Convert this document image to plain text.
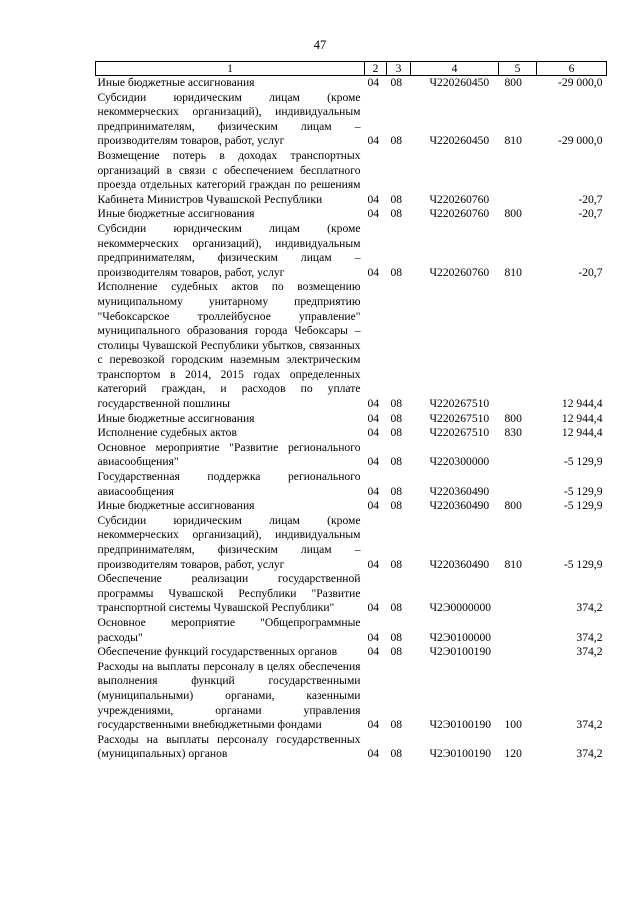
47
1	2	3	4	5	6
Иные бюджетные ассигнования	04	08	Ч220260450	800	-29 000,0
Субсидии юридическим лицам (кроме некоммерческих организаций), индивидуальным предпринимателям, физическим лицам – производителям товаров, работ, услуг	04	08	Ч220260450	810	-29 000,0
Возмещение потерь в доходах транспортных организаций в связи с обеспечением бесплатного проезда отдельных категорий граждан по решениям Кабинета Министров Чувашской Республики	04	08	Ч220260760		-20,7
Иные бюджетные ассигнования	04	08	Ч220260760	800	-20,7
Субсидии юридическим лицам (кроме некоммерческих организаций), индивидуальным предпринимателям, физическим лицам – производителям товаров, работ, услуг	04	08	Ч220260760	810	-20,7
Исполнение судебных актов по возмещению муниципальному унитарному предприятию "Чебоксарское троллейбусное управление" муниципального образования города Чебоксары – столицы Чувашской Республики убытков, связанных с перевозкой городским наземным электрическим транспортом в 2014, 2015 годах определенных категорий граждан, и расходов по уплате государственной пошлины	04	08	Ч220267510		12 944,4
Иные бюджетные ассигнования	04	08	Ч220267510	800	12 944,4
Исполнение судебных актов	04	08	Ч220267510	830	12 944,4
Основное мероприятие "Развитие регионального авиасообщения"	04	08	Ч220300000		-5 129,9
Государственная поддержка регионального авиасообщения	04	08	Ч220360490		-5 129,9
Иные бюджетные ассигнования	04	08	Ч220360490	800	-5 129,9
Субсидии юридическим лицам (кроме некоммерческих организаций), индивидуальным предпринимателям, физическим лицам – производителям товаров, работ, услуг	04	08	Ч220360490	810	-5 129,9
Обеспечение реализации государственной программы Чувашской Республики "Развитие транспортной системы Чувашской Республики"	04	08	Ч2Э0000000		374,2
Основное мероприятие "Общепрограммные расходы"	04	08	Ч2Э0100000		374,2
Обеспечение функций государственных органов	04	08	Ч2Э0100190		374,2
Расходы на выплаты персоналу в целях обеспечения выполнения функций государственными (муниципальными) органами, казенными учреждениями, органами управления государственными внебюджетными фондами	04	08	Ч2Э0100190	100	374,2
Расходы на выплаты персоналу государственных (муниципальных) органов	04	08	Ч2Э0100190	120	374,2
